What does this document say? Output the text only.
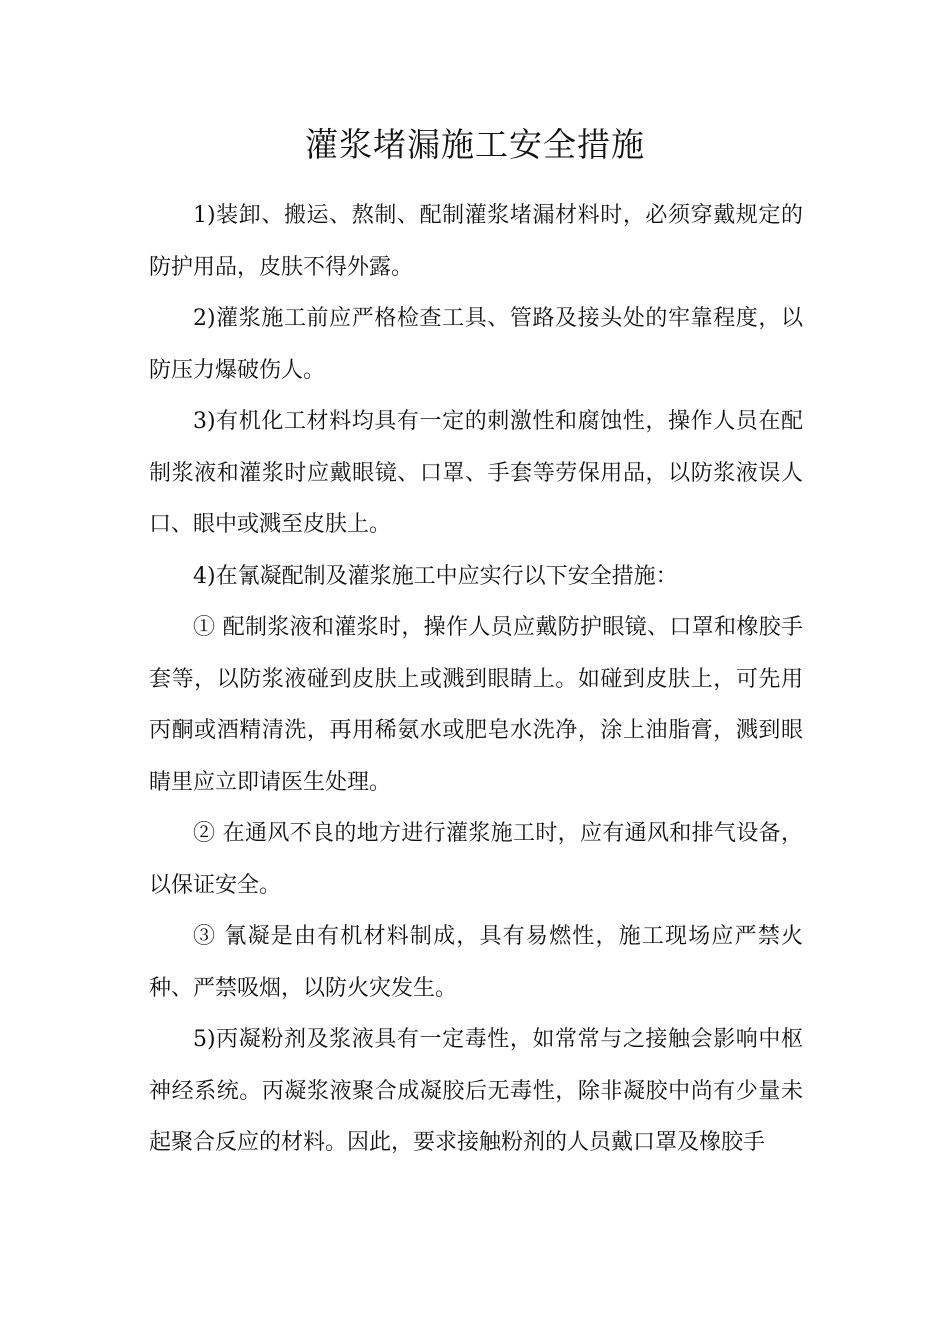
灌浆堵漏施工安全措施

1)装卸、搬运、熬制、配制灌浆堵漏材料时，必须穿戴规定的防护用品，皮肤不得外露。

2)灌浆施工前应严格检查工具、管路及接头处的牢靠程度，以防压力爆破伤人。

3)有机化工材料均具有一定的刺激性和腐蚀性，操作人员在配制浆液和灌浆时应戴眼镜、口罩、手套等劳保用品，以防浆液误人口、眼中或溅至皮肤上。

4)在氰凝配制及灌浆施工中应实行以下安全措施：

① 配制浆液和灌浆时，操作人员应戴防护眼镜、口罩和橡胶手套等，以防浆液碰到皮肤上或溅到眼睛上。如碰到皮肤上，可先用丙酮或酒精清洗，再用稀氨水或肥皂水洗净，涂上油脂膏，溅到眼睛里应立即请医生处理。

② 在通风不良的地方进行灌浆施工时，应有通风和排气设备，以保证安全。

③ 氰凝是由有机材料制成，具有易燃性，施工现场应严禁火种、严禁吸烟，以防火灾发生。

5)丙凝粉剂及浆液具有一定毒性，如常常与之接触会影响中枢神经系统。丙凝浆液聚合成凝胶后无毒性，除非凝胶中尚有少量未起聚合反应的材料。因此，要求接触粉剂的人员戴口罩及橡胶手
